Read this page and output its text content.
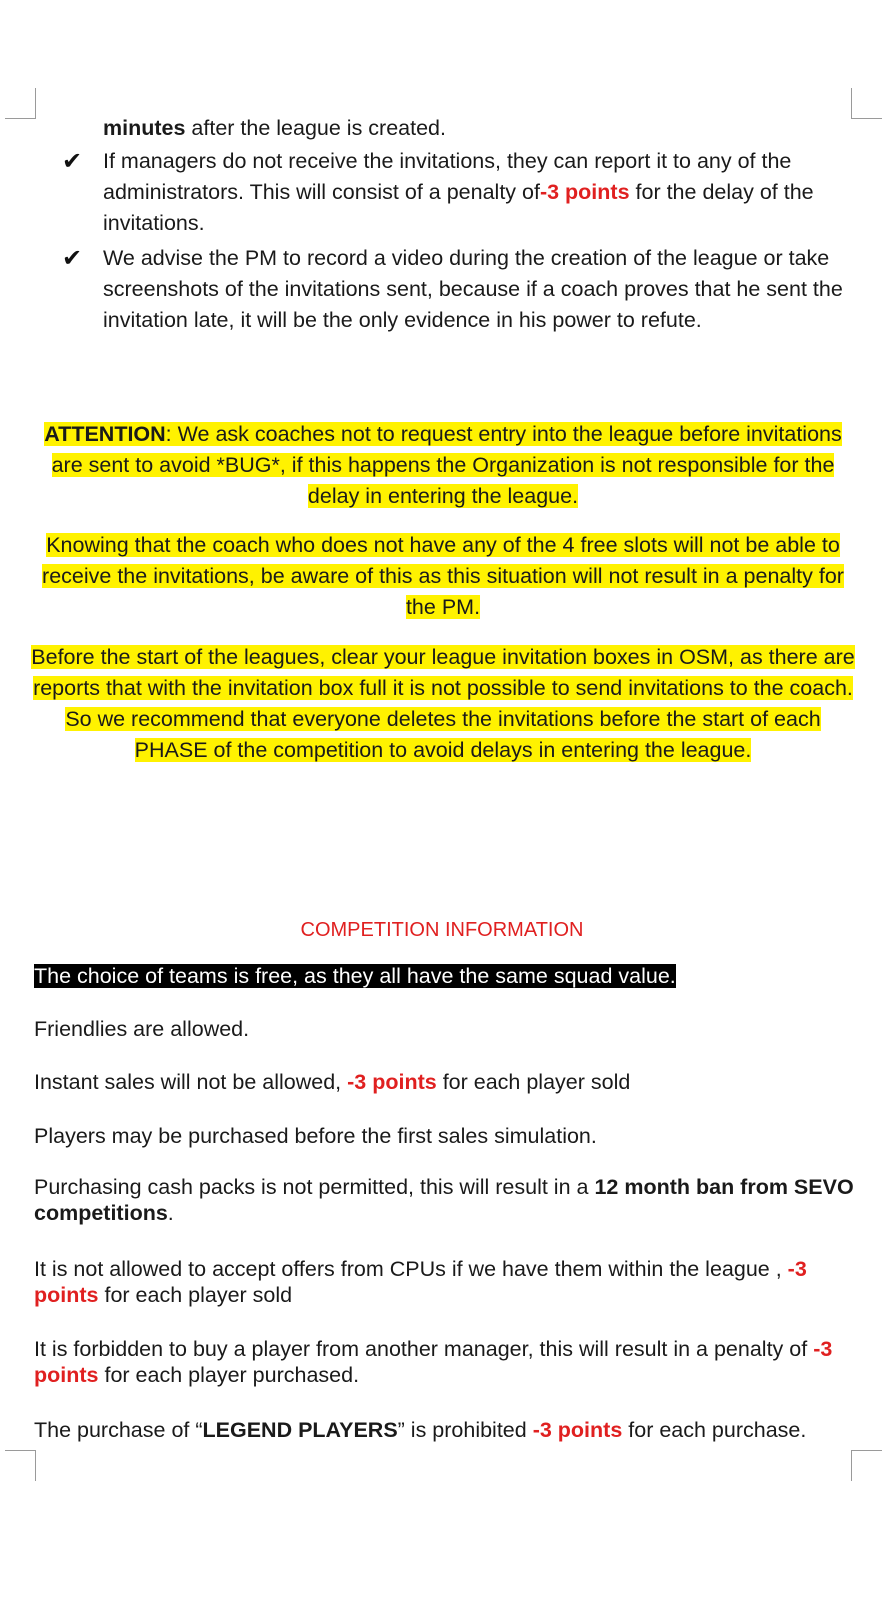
minutes after the league is created.
✔ If managers do not receive the invitations, they can report it to any of the administrators. This will consist of a penalty of-3 points for the delay of the invitations.
✔ We advise the PM to record a video during the creation of the league or take screenshots of the invitations sent, because if a coach proves that he sent the invitation late, it will be the only evidence in his power to refute.
ATTENTION: We ask coaches not to request entry into the league before invitations are sent to avoid *BUG*, if this happens the Organization is not responsible for the delay in entering the league.
Knowing that the coach who does not have any of the 4 free slots will not be able to receive the invitations, be aware of this as this situation will not result in a penalty for the PM.
Before the start of the leagues, clear your league invitation boxes in OSM, as there are reports that with the invitation box full it is not possible to send invitations to the coach. So we recommend that everyone deletes the invitations before the start of each PHASE of the competition to avoid delays in entering the league.
COMPETITION INFORMATION
The choice of teams is free, as they all have the same squad value.
Friendlies are allowed.
Instant sales will not be allowed, -3 points for each player sold
Players may be purchased before the first sales simulation.
Purchasing cash packs is not permitted, this will result in a 12 month ban from SEVO competitions.
It is not allowed to accept offers from CPUs if we have them within the league , -3 points for each player sold
It is forbidden to buy a player from another manager, this will result in a penalty of -3 points for each player purchased.
The purchase of “LEGEND PLAYERS” is prohibited -3 points for each purchase.
